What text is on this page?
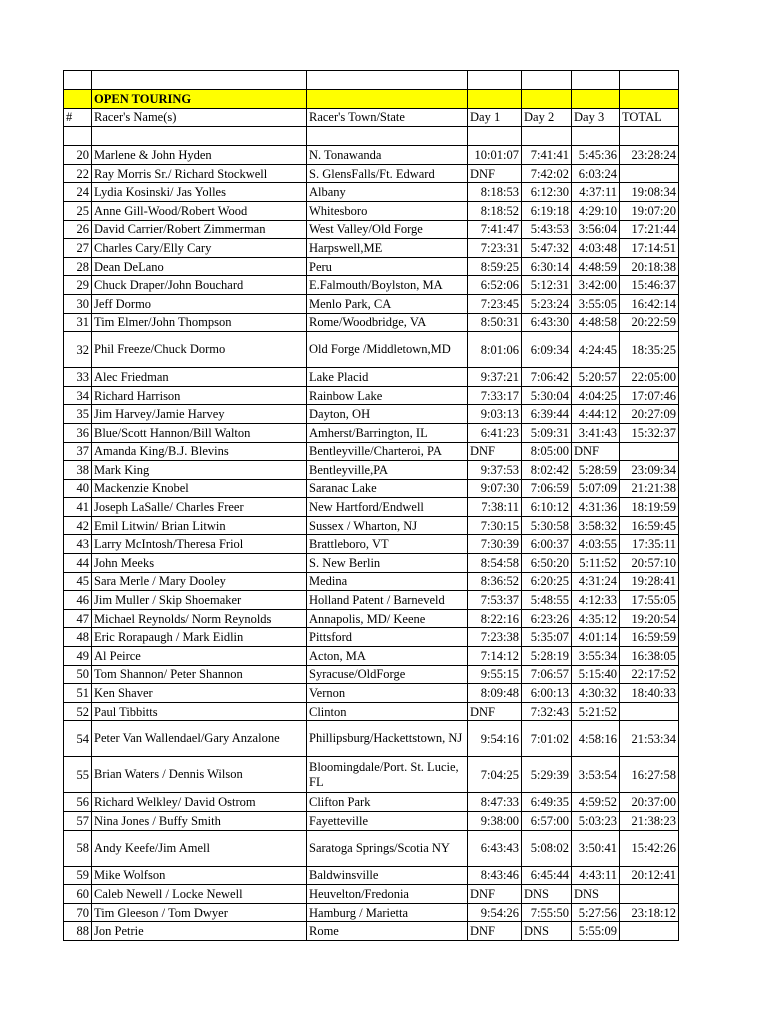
	OPEN TOURING					
#	Racer's Name(s)	Racer's Town/State	Day 1	Day 2	Day 3	TOTAL

20	Marlene & John Hyden	N. Tonawanda	10:01:07	7:41:41	5:45:36	23:28:24
22	Ray Morris Sr./ Richard Stockwell	S. GlensFalls/Ft. Edward	DNF	7:42:02	6:03:24	
24	Lydia Kosinski/ Jas Yolles	Albany	8:18:53	6:12:30	4:37:11	19:08:34
25	Anne Gill-Wood/Robert Wood	Whitesboro	8:18:52	6:19:18	4:29:10	19:07:20
26	David Carrier/Robert Zimmerman	West Valley/Old Forge	7:41:47	5:43:53	3:56:04	17:21:44
27	Charles Cary/Elly Cary	Harpswell,ME	7:23:31	5:47:32	4:03:48	17:14:51
28	Dean DeLano	Peru	8:59:25	6:30:14	4:48:59	20:18:38
29	Chuck Draper/John Bouchard	E.Falmouth/Boylston, MA	6:52:06	5:12:31	3:42:00	15:46:37
30	Jeff Dormo	Menlo Park, CA	7:23:45	5:23:24	3:55:05	16:42:14
31	Tim Elmer/John Thompson	Rome/Woodbridge, VA	8:50:31	6:43:30	4:48:58	20:22:59
32	Phil Freeze/Chuck Dormo	Old Forge /Middletown,MD	8:01:06	6:09:34	4:24:45	18:35:25
33	Alec Friedman	Lake Placid	9:37:21	7:06:42	5:20:57	22:05:00
34	Richard Harrison	Rainbow Lake	7:33:17	5:30:04	4:04:25	17:07:46
35	Jim Harvey/Jamie Harvey	Dayton, OH	9:03:13	6:39:44	4:44:12	20:27:09
36	Blue/Scott Hannon/Bill Walton	Amherst/Barrington, IL	6:41:23	5:09:31	3:41:43	15:32:37
37	Amanda King/B.J. Blevins	Bentleyville/Charteroi, PA	DNF	8:05:00	DNF	
38	Mark King	Bentleyville,PA	9:37:53	8:02:42	5:28:59	23:09:34
40	Mackenzie Knobel	Saranac Lake	9:07:30	7:06:59	5:07:09	21:21:38
41	Joseph LaSalle/ Charles Freer	New Hartford/Endwell	7:38:11	6:10:12	4:31:36	18:19:59
42	Emil Litwin/ Brian Litwin	Sussex / Wharton, NJ	7:30:15	5:30:58	3:58:32	16:59:45
43	Larry McIntosh/Theresa Friol	Brattleboro, VT	7:30:39	6:00:37	4:03:55	17:35:11
44	John Meeks	S. New Berlin	8:54:58	6:50:20	5:11:52	20:57:10
45	Sara Merle / Mary Dooley	Medina	8:36:52	6:20:25	4:31:24	19:28:41
46	Jim Muller / Skip Shoemaker	Holland Patent / Barneveld	7:53:37	5:48:55	4:12:33	17:55:05
47	Michael Reynolds/ Norm Reynolds	Annapolis, MD/ Keene	8:22:16	6:23:26	4:35:12	19:20:54
48	Eric Rorapaugh / Mark Eidlin	Pittsford	7:23:38	5:35:07	4:01:14	16:59:59
49	Al Peirce	Acton, MA	7:14:12	5:28:19	3:55:34	16:38:05
50	Tom Shannon/ Peter Shannon	Syracuse/OldForge	9:55:15	7:06:57	5:15:40	22:17:52
51	Ken Shaver	Vernon	8:09:48	6:00:13	4:30:32	18:40:33
52	Paul Tibbitts	Clinton	DNF	7:32:43	5:21:52	
54	Peter Van Wallendael/Gary Anzalone	Phillipsburg/Hackettstown, NJ	9:54:16	7:01:02	4:58:16	21:53:34
55	Brian Waters / Dennis Wilson	Bloomingdale/Port. St. Lucie, FL	7:04:25	5:29:39	3:53:54	16:27:58
56	Richard Welkley/ David Ostrom	Clifton Park	8:47:33	6:49:35	4:59:52	20:37:00
57	Nina Jones / Buffy Smith	Fayetteville	9:38:00	6:57:00	5:03:23	21:38:23
58	Andy Keefe/Jim Amell	Saratoga Springs/Scotia NY	6:43:43	5:08:02	3:50:41	15:42:26
59	Mike Wolfson	Baldwinsville	8:43:46	6:45:44	4:43:11	20:12:41
60	Caleb Newell / Locke Newell	Heuvelton/Fredonia	DNF	DNS	DNS	
70	Tim Gleeson / Tom Dwyer	Hamburg / Marietta	9:54:26	7:55:50	5:27:56	23:18:12
88	Jon Petrie	Rome	DNF	DNS	5:55:09	
